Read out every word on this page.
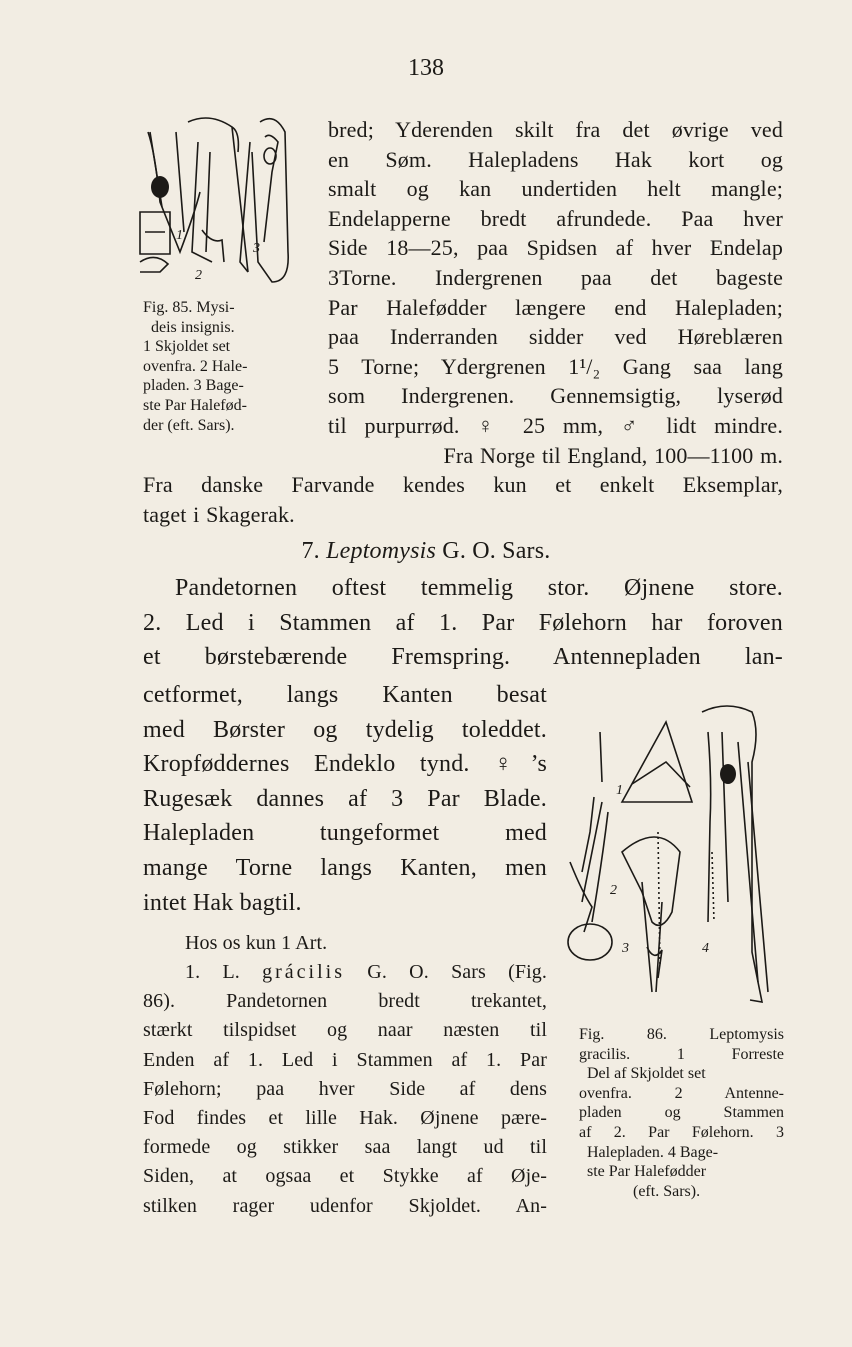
138
1
2
3
Fig. 85. Mysi-
deis insignis.
1 Skjoldet set
ovenfra. 2 Hale-
pladen. 3 Bage-
ste Par Halefød-
der (eft. Sars).
bred; Yderenden skilt fra det øvrige ved
en Søm. Halepladens Hak kort og
smalt og kan undertiden helt mangle;
Endelapperne bredt afrundede. Paa hver
Side 18—25, paa Spidsen af hver Endelap
3Torne. Indergrenen paa det bageste
Par Halefødder længere end Halepladen;
paa Inderranden sidder ved Høreblæren
5 Torne; Ydergrenen 1¹/₂ Gang saa lang
som Indergrenen. Gennemsigtig, lyserød
til purpurrød. ♀ 25 mm, ♂ lidt mindre.
Fra Norge til England, 100—1100 m.
Fra danske Farvande kendes kun et enkelt Eksemplar,
taget i Skagerak.
7. Leptomysis G. O. Sars.
Pandetornen oftest temmelig stor. Øjnene store.
2. Led i Stammen af 1. Par Følehorn har foroven
et børstebærende Fremspring. Antennepladen lan-
cetformet, langs Kanten besat
med Børster og tydelig toleddet.
Kropføddernes Endeklo tynd. ♀’s
Rugesæk dannes af 3 Par Blade.
Halepladen tungeformet med
mange Torne langs Kanten, men
intet Hak bagtil.
Hos os kun 1 Art.
1. L. grácilis G. O. Sars (Fig.
86). Pandetornen bredt trekantet,
stærkt tilspidset og naar næsten til
Enden af 1. Led i Stammen af 1. Par
Følehorn; paa hver Side af dens
Fod findes et lille Hak. Øjnene pære-
formede og stikker saa langt ud til
Siden, at ogsaa et Stykke af Øje-
stilken rager udenfor Skjoldet. An-
1
2
3	4
Fig. 86. Leptomysis
gracilis. 1 Forreste
Del af Skjoldet set
ovenfra. 2 Antenne-
pladen og Stammen
af 2. Par Følehorn. 3
Halepladen. 4 Bage-
ste Par Halefødder
(eft. Sars).
